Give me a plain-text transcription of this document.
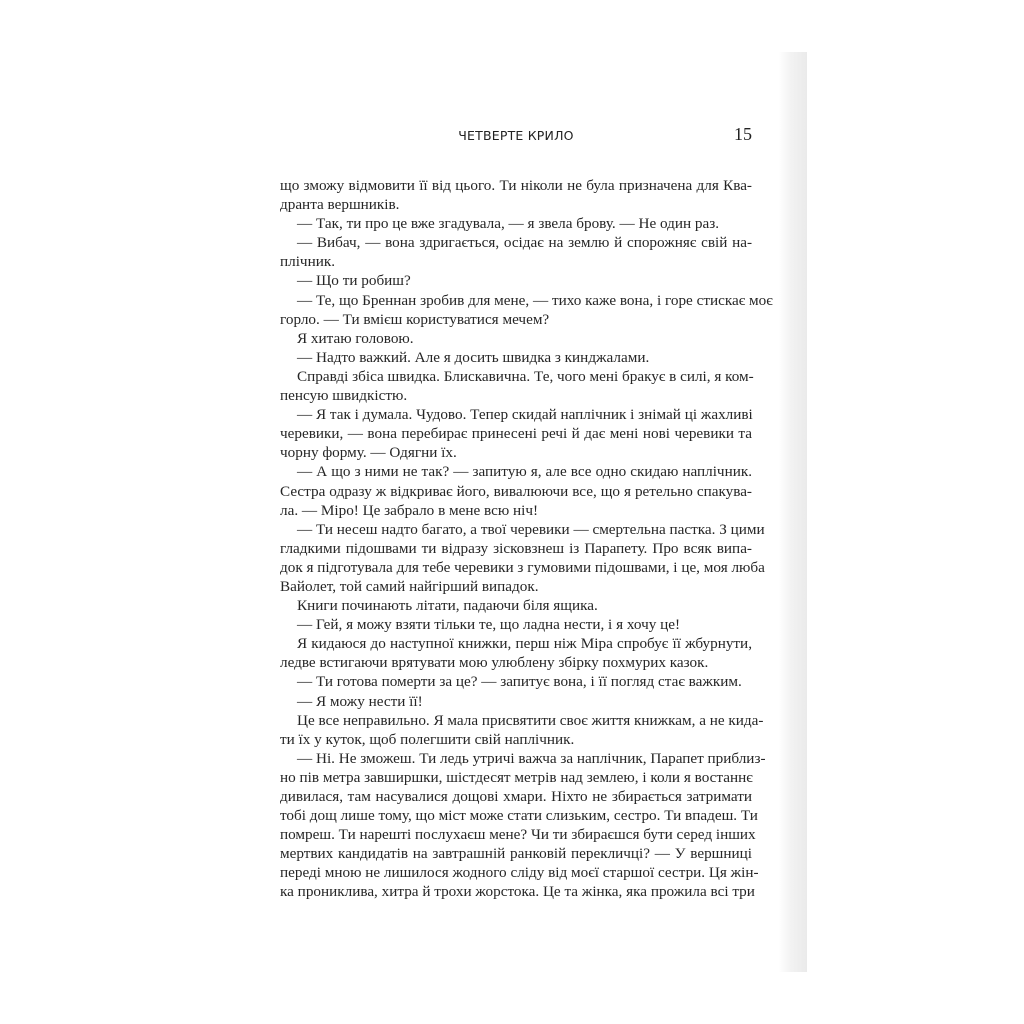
ЧЕТВЕРТЕ КРИЛО	15
що зможу відмовити її від цього. Ти ніколи не була призначена для Ква-
дранта вершників.
— Так, ти про це вже згадувала, — я звела брову. — Не один раз.
— Вибач, — вона здригається, осідає на землю й спорожняє свій на-
плічник.
— Що ти робиш?
— Те, що Бреннан зробив для мене, — тихо каже вона, і горе стискає моє
горло. — Ти вмієш користуватися мечем?
Я хитаю головою.
— Надто важкий. Але я досить швидка з кинджалами.
Справді збіса швидка. Блискавична. Те, чого мені бракує в силі, я ком-
пенсую швидкістю.
— Я так і думала. Чудово. Тепер скидай наплічник і знімай ці жахливі
черевики, — вона перебирає принесені речі й дає мені нові черевики та
чорну форму. — Одягни їх.
— А що з ними не так? — запитую я, але все одно скидаю наплічник.
Сестра одразу ж відкриває його, вивалюючи все, що я ретельно спакува-
ла. — Міро! Це забрало в мене всю ніч!
— Ти несеш надто багато, а твої черевики — смертельна пастка. З цими
гладкими підошвами ти відразу зісковзнеш із Парапету. Про всяк випа-
док я підготувала для тебе черевики з гумовими підошвами, і це, моя люба
Вайолет, той самий найгірший випадок.
Книги починають літати, падаючи біля ящика.
— Гей, я можу взяти тільки те, що ладна нести, і я хочу це!
Я кидаюся до наступної книжки, перш ніж Міра спробує її жбурнути,
ледве встигаючи врятувати мою улюблену збірку похмурих казок.
— Ти готова померти за це? — запитує вона, і її погляд стає важким.
— Я можу нести її!
Це все неправильно. Я мала присвятити своє життя книжкам, а не кида-
ти їх у куток, щоб полегшити свій наплічник.
— Ні. Не зможеш. Ти ледь утричі важча за наплічник, Парапет приблиз-
но пів метра завширшки, шістдесят метрів над землею, і коли я востаннє
дивилася, там насувалися дощові хмари. Ніхто не збирається затримати
тобі дощ лише тому, що міст може стати слизьким, сестро. Ти впадеш. Ти
помреш. Ти нарешті послухаєш мене? Чи ти збираєшся бути серед інших
мертвих кандидатів на завтрашній ранковій перекличці? — У вершниці
переді мною не лишилося жодного сліду від моєї старшої сестри. Ця жін-
ка прониклива, хитра й трохи жорстока. Це та жінка, яка прожила всі три
